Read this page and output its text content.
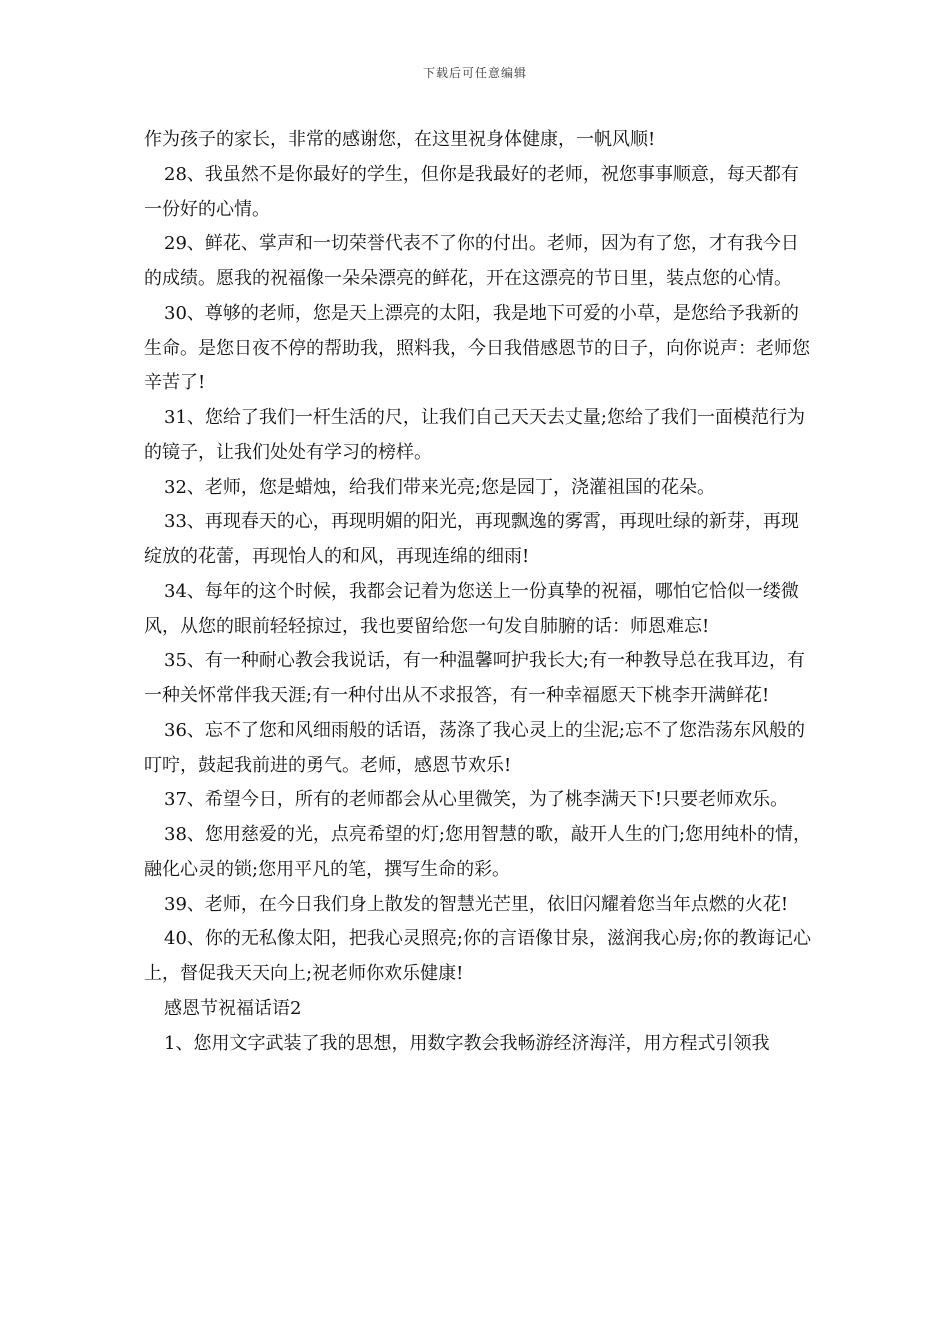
下载后可任意编辑

作为孩子的家长，非常的感谢您，在这里祝身体健康，一帆风顺!

28、我虽然不是你最好的学生，但你是我最好的老师，祝您事事顺意，每天都有一份好的心情。

29、鲜花、掌声和一切荣誉代表不了你的付出。老师，因为有了您，才有我今日的成绩。愿我的祝福像一朵朵漂亮的鲜花，开在这漂亮的节日里，装点您的心情。

30、尊够的老师，您是天上漂亮的太阳，我是地下可爱的小草，是您给予我新的生命。是您日夜不停的帮助我，照料我，今日我借感恩节的日子，向你说声：老师您辛苦了!

31、您给了我们一杆生活的尺，让我们自己天天去丈量;您给了我们一面模范行为的镜子，让我们处处有学习的榜样。

32、老师，您是蜡烛，给我们带来光亮;您是园丁，浇灌祖国的花朵。

33、再现春天的心，再现明媚的阳光，再现飘逸的雾霄，再现吐绿的新芽，再现绽放的花蕾，再现怡人的和风，再现连绵的细雨!

34、每年的这个时候，我都会记着为您送上一份真挚的祝福，哪怕它恰似一缕微风，从您的眼前轻轻掠过，我也要留给您一句发自肺腑的话：师恩难忘!

35、有一种耐心教会我说话，有一种温馨呵护我长大;有一种教导总在我耳边，有一种关怀常伴我天涯;有一种付出从不求报答，有一种幸福愿天下桃李开满鲜花!

36、忘不了您和风细雨般的话语，荡涤了我心灵上的尘泥;忘不了您浩荡东风般的叮咛，鼓起我前进的勇气。老师，感恩节欢乐!

37、希望今日，所有的老师都会从心里微笑，为了桃李满天下!只要老师欢乐。

38、您用慈爱的光，点亮希望的灯;您用智慧的歌，敲开人生的门;您用纯朴的情，融化心灵的锁;您用平凡的笔，撰写生命的彩。

39、老师，在今日我们身上散发的智慧光芒里，依旧闪耀着您当年点燃的火花!

40、你的无私像太阳，把我心灵照亮;你的言语像甘泉，滋润我心房;你的教诲记心上，督促我天天向上;祝老师你欢乐健康!

感恩节祝福话语2

1、您用文字武装了我的思想，用数字教会我畅游经济海洋，用方程式引领我
